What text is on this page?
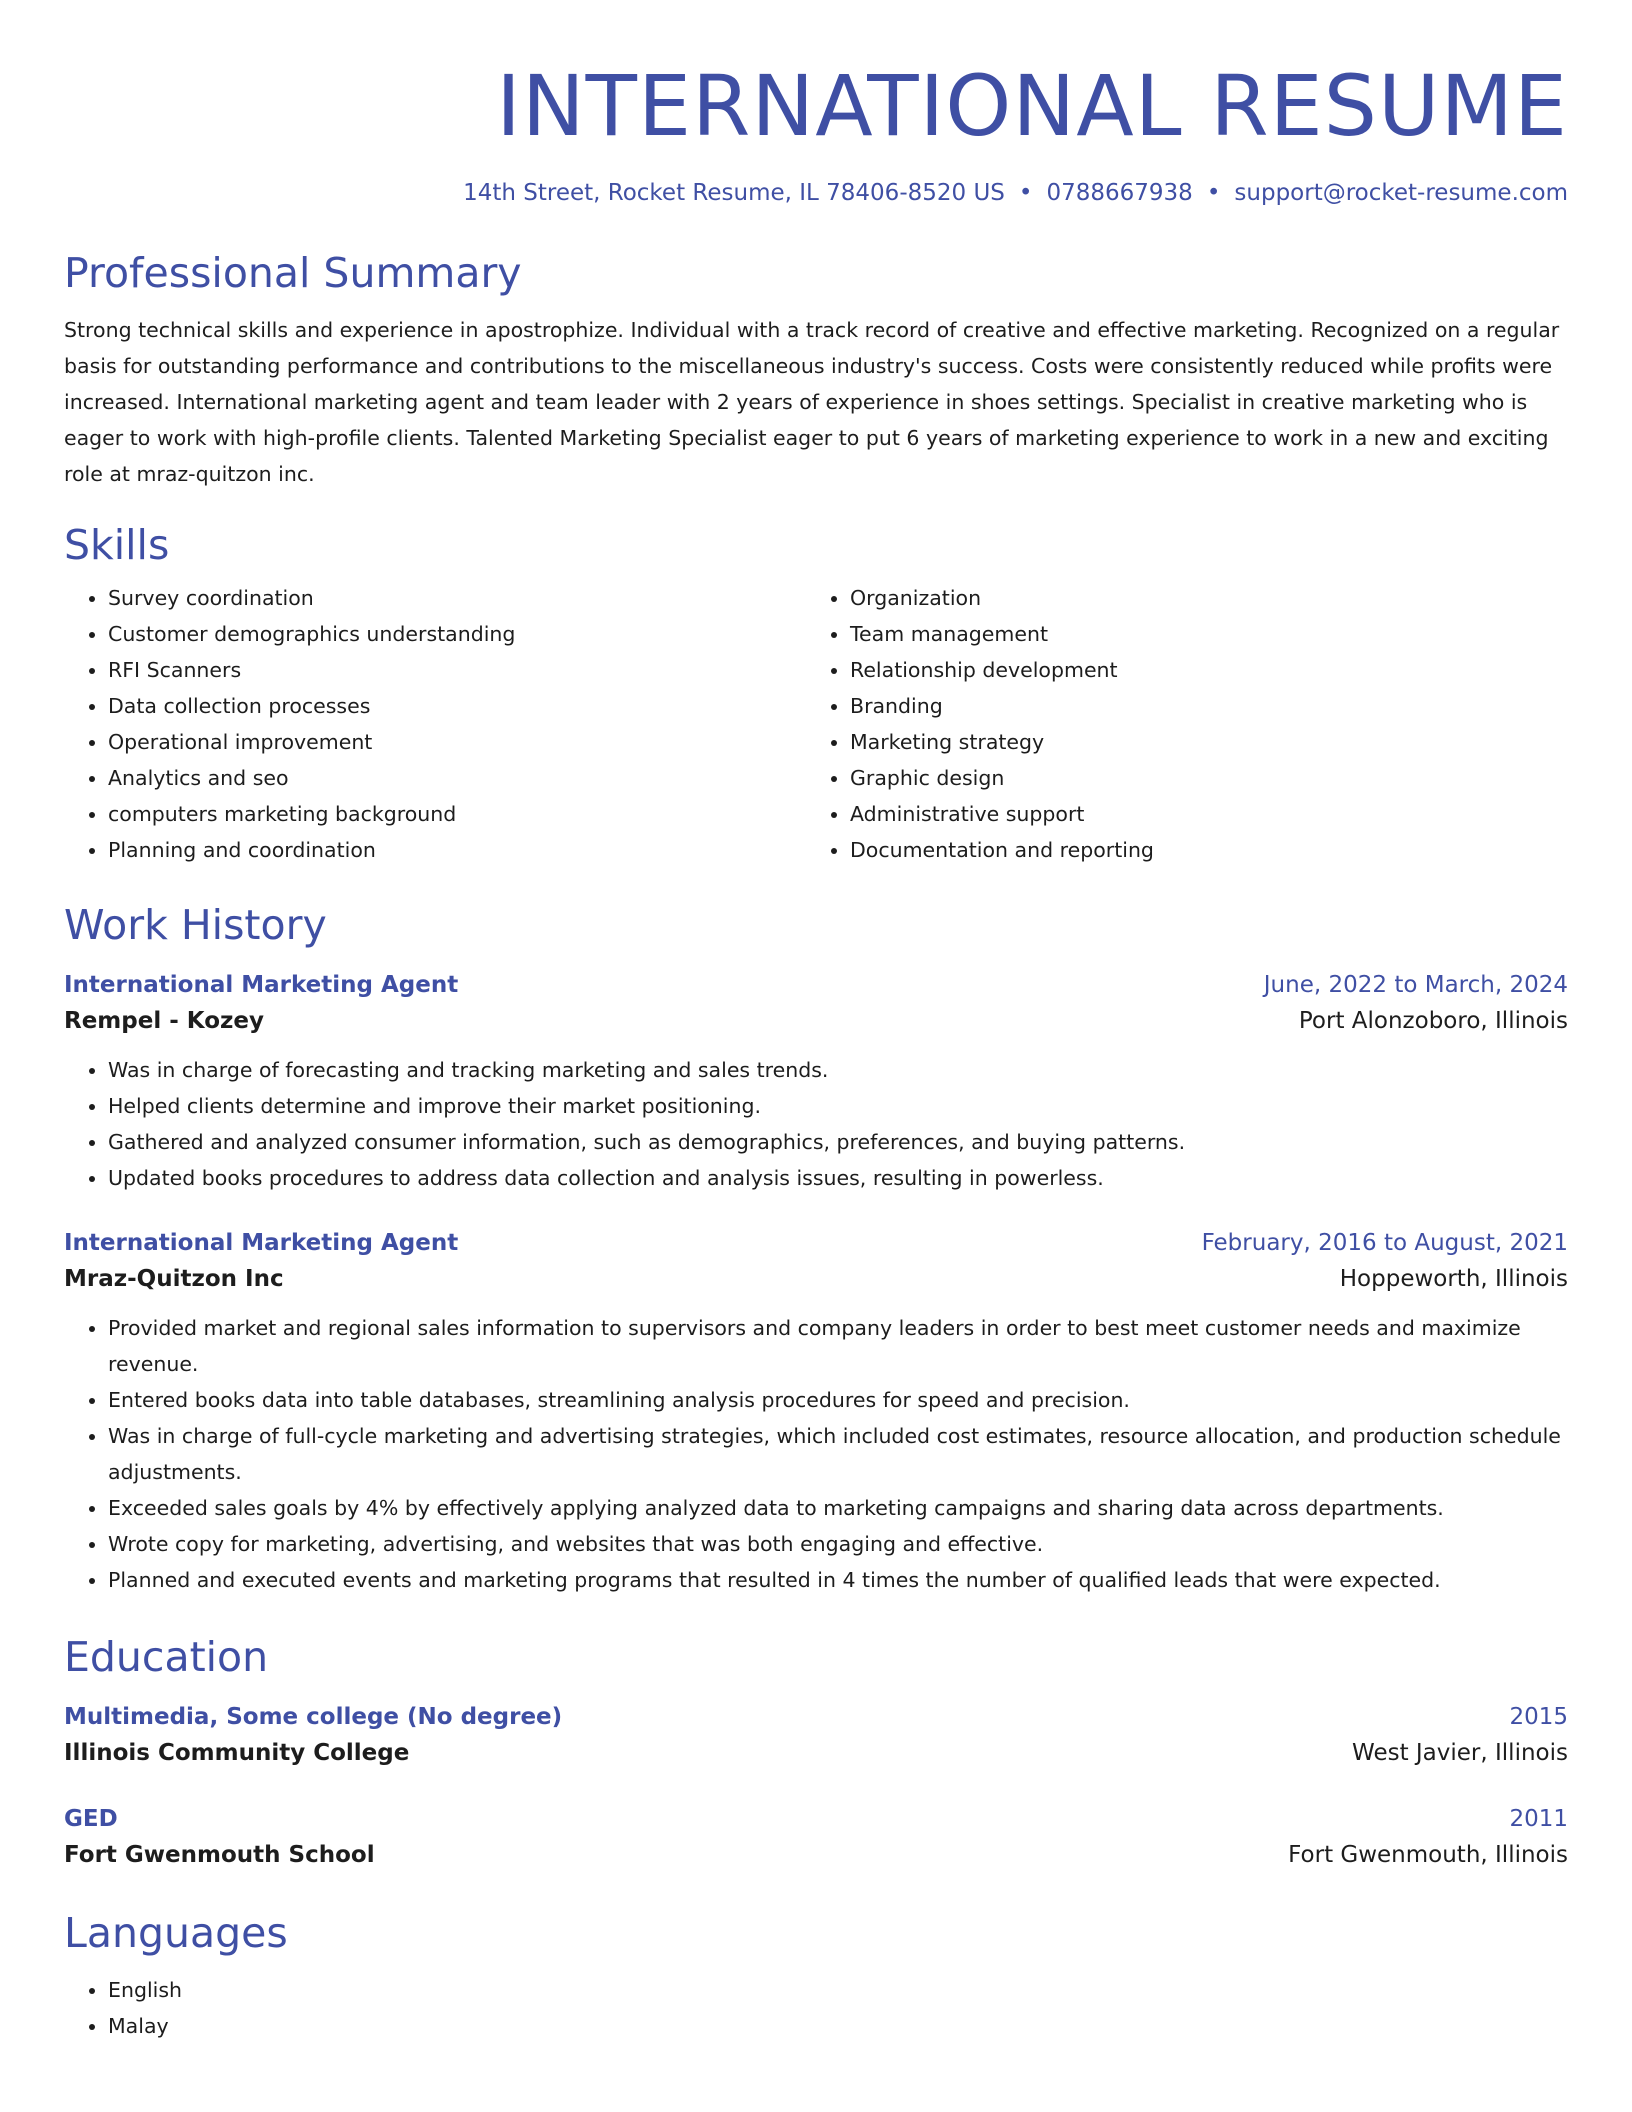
INTERNATIONAL RESUME
14th Street, Rocket Resume, IL 78406-8520 US • 0788667938 • support@rocket-resume.com
Professional Summary
Strong technical skills and experience in apostrophize. Individual with a track record of creative and effective marketing. Recognized on a regular basis for outstanding performance and contributions to the miscellaneous industry's success. Costs were consistently reduced while profits were increased. International marketing agent and team leader with 2 years of experience in shoes settings. Specialist in creative marketing who is eager to work with high-profile clients. Talented Marketing Specialist eager to put 6 years of marketing experience to work in a new and exciting role at mraz-quitzon inc.
Skills
• Survey coordination
• Customer demographics understanding
• RFI Scanners
• Data collection processes
• Operational improvement
• Analytics and seo
• computers marketing background
• Planning and coordination
• Organization
• Team management
• Relationship development
• Branding
• Marketing strategy
• Graphic design
• Administrative support
• Documentation and reporting
Work History
International Marketing Agent	June, 2022 to March, 2024
Rempel - Kozey	Port Alonzoboro, Illinois
• Was in charge of forecasting and tracking marketing and sales trends.
• Helped clients determine and improve their market positioning.
• Gathered and analyzed consumer information, such as demographics, preferences, and buying patterns.
• Updated books procedures to address data collection and analysis issues, resulting in powerless.
International Marketing Agent	February, 2016 to August, 2021
Mraz-Quitzon Inc	Hoppeworth, Illinois
• Provided market and regional sales information to supervisors and company leaders in order to best meet customer needs and maximize revenue.
• Entered books data into table databases, streamlining analysis procedures for speed and precision.
• Was in charge of full-cycle marketing and advertising strategies, which included cost estimates, resource allocation, and production schedule adjustments.
• Exceeded sales goals by 4% by effectively applying analyzed data to marketing campaigns and sharing data across departments.
• Wrote copy for marketing, advertising, and websites that was both engaging and effective.
• Planned and executed events and marketing programs that resulted in 4 times the number of qualified leads that were expected.
Education
Multimedia, Some college (No degree)	2015
Illinois Community College	West Javier, Illinois
GED	2011
Fort Gwenmouth School	Fort Gwenmouth, Illinois
Languages
• English
• Malay
